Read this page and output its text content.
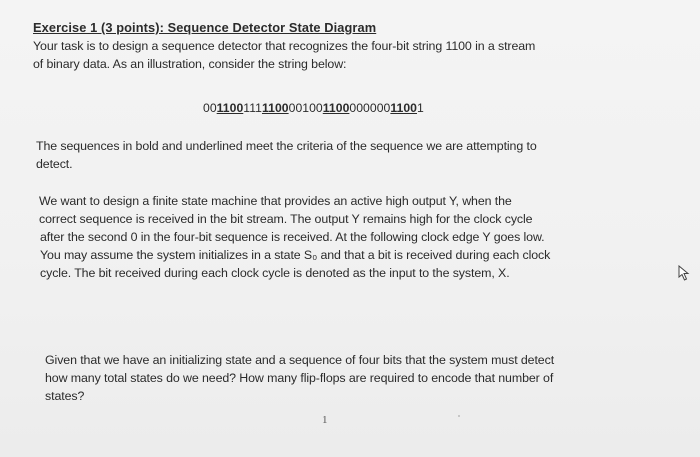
Exercise 1 (3 points): Sequence Detector State Diagram

Your task is to design a sequence detector that recognizes the four-bit string 1100 in a stream

of binary data. As an illustration, consider the string below:

001100111110000100110000000011001

The sequences in bold and underlined meet the criteria of the sequence we are attempting to

detect.

We want to design a finite state machine that provides an active high output Y, when the

correct sequence is received in the bit stream. The output Y remains high for the clock cycle

after the second 0 in the four-bit sequence is received. At the following clock edge Y goes low.

You may assume the system initializes in a state S₀ and that a bit is received during each clock

cycle. The bit received during each clock cycle is denoted as the input to the system, X.

Given that we have an initializing state and a sequence of four bits that the system must detect

how many total states do we need? How many flip-flops are required to encode that number of

states?

1
